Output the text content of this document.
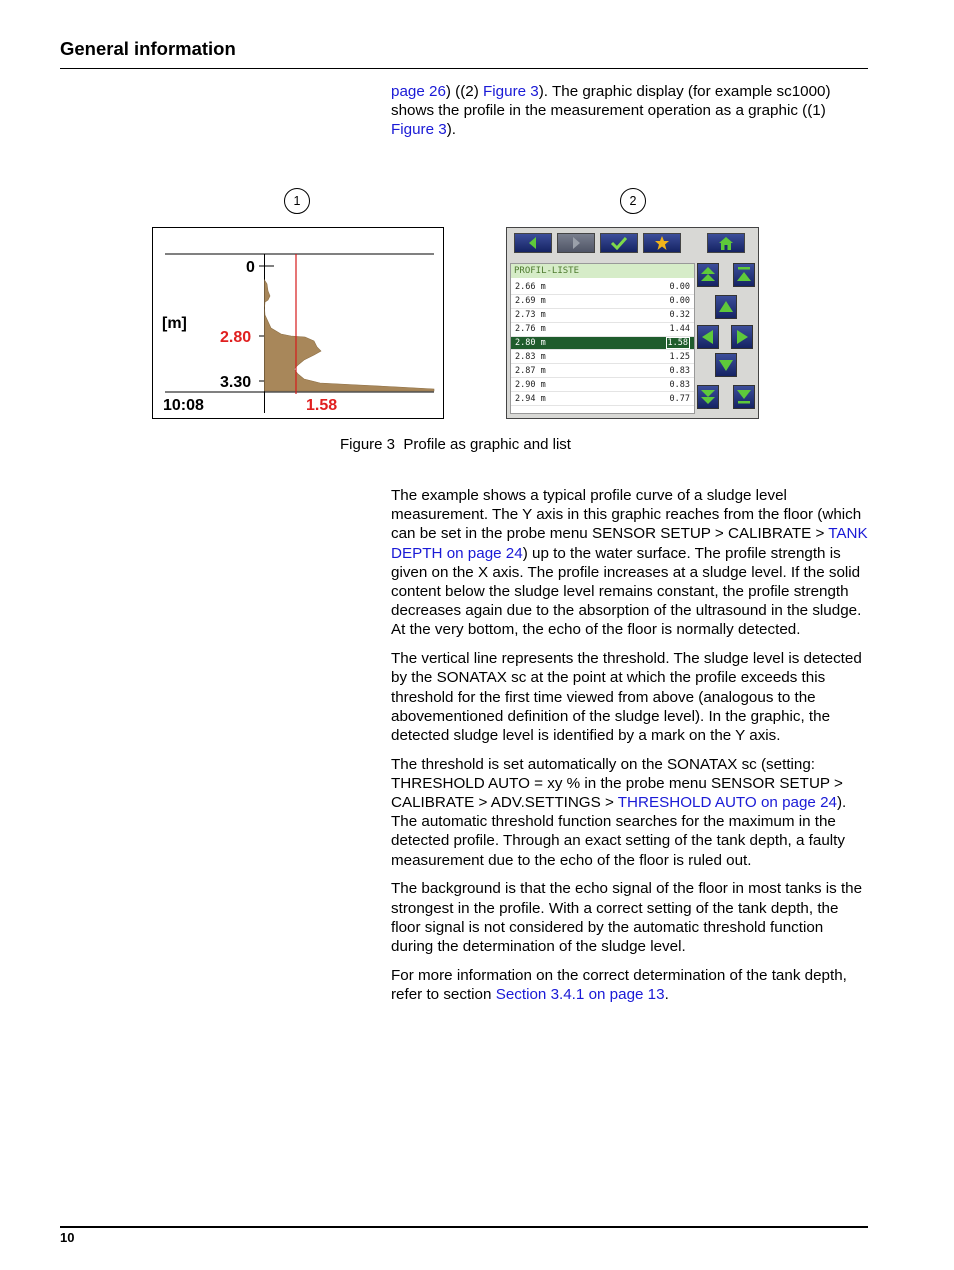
General information

page 26) ((2) Figure 3). The graphic display (for example sc1000) shows the profile in the measurement operation as a graphic ((1) Figure 3).

1	2
0
[m]
2.80
3.30
10:08	1.58
PROFIL-LISTE
2.66 m	0.00
2.69 m	0.00
2.73 m	0.32
2.76 m	1.44
2.80 m	1.58
2.83 m	1.25
2.87 m	0.83
2.90 m	0.83
2.94 m	0.77
Figure 3  Profile as graphic and list

The example shows a typical profile curve of a sludge level measurement. The Y axis in this graphic reaches from the floor (which can be set in the probe menu SENSOR SETUP > CALIBRATE > TANK DEPTH on page 24) up to the water surface. The profile strength is given on the X axis. The profile increases at a sludge level. If the solid content below the sludge level remains constant, the profile strength decreases again due to the absorption of the ultrasound in the sludge. At the very bottom, the echo of the floor is normally detected.

The vertical line represents the threshold. The sludge level is detected by the SONATAX sc at the point at which the profile exceeds this threshold for the first time viewed from above (analogous to the abovementioned definition of the sludge level). In the graphic, the detected sludge level is identified by a mark on the Y axis.

The threshold is set automatically on the SONATAX sc (setting: THRESHOLD AUTO = xy % in the probe menu SENSOR SETUP > CALIBRATE > ADV.SETTINGS > THRESHOLD AUTO on page 24). The automatic threshold function searches for the maximum in the detected profile. Through an exact setting of the tank depth, a faulty measurement due to the echo of the floor is ruled out.

The background is that the echo signal of the floor in most tanks is the strongest in the profile. With a correct setting of the tank depth, the floor signal is not considered by the automatic threshold function during the determination of the sludge level.

For more information on the correct determination of the tank depth, refer to section Section 3.4.1 on page 13.

10
